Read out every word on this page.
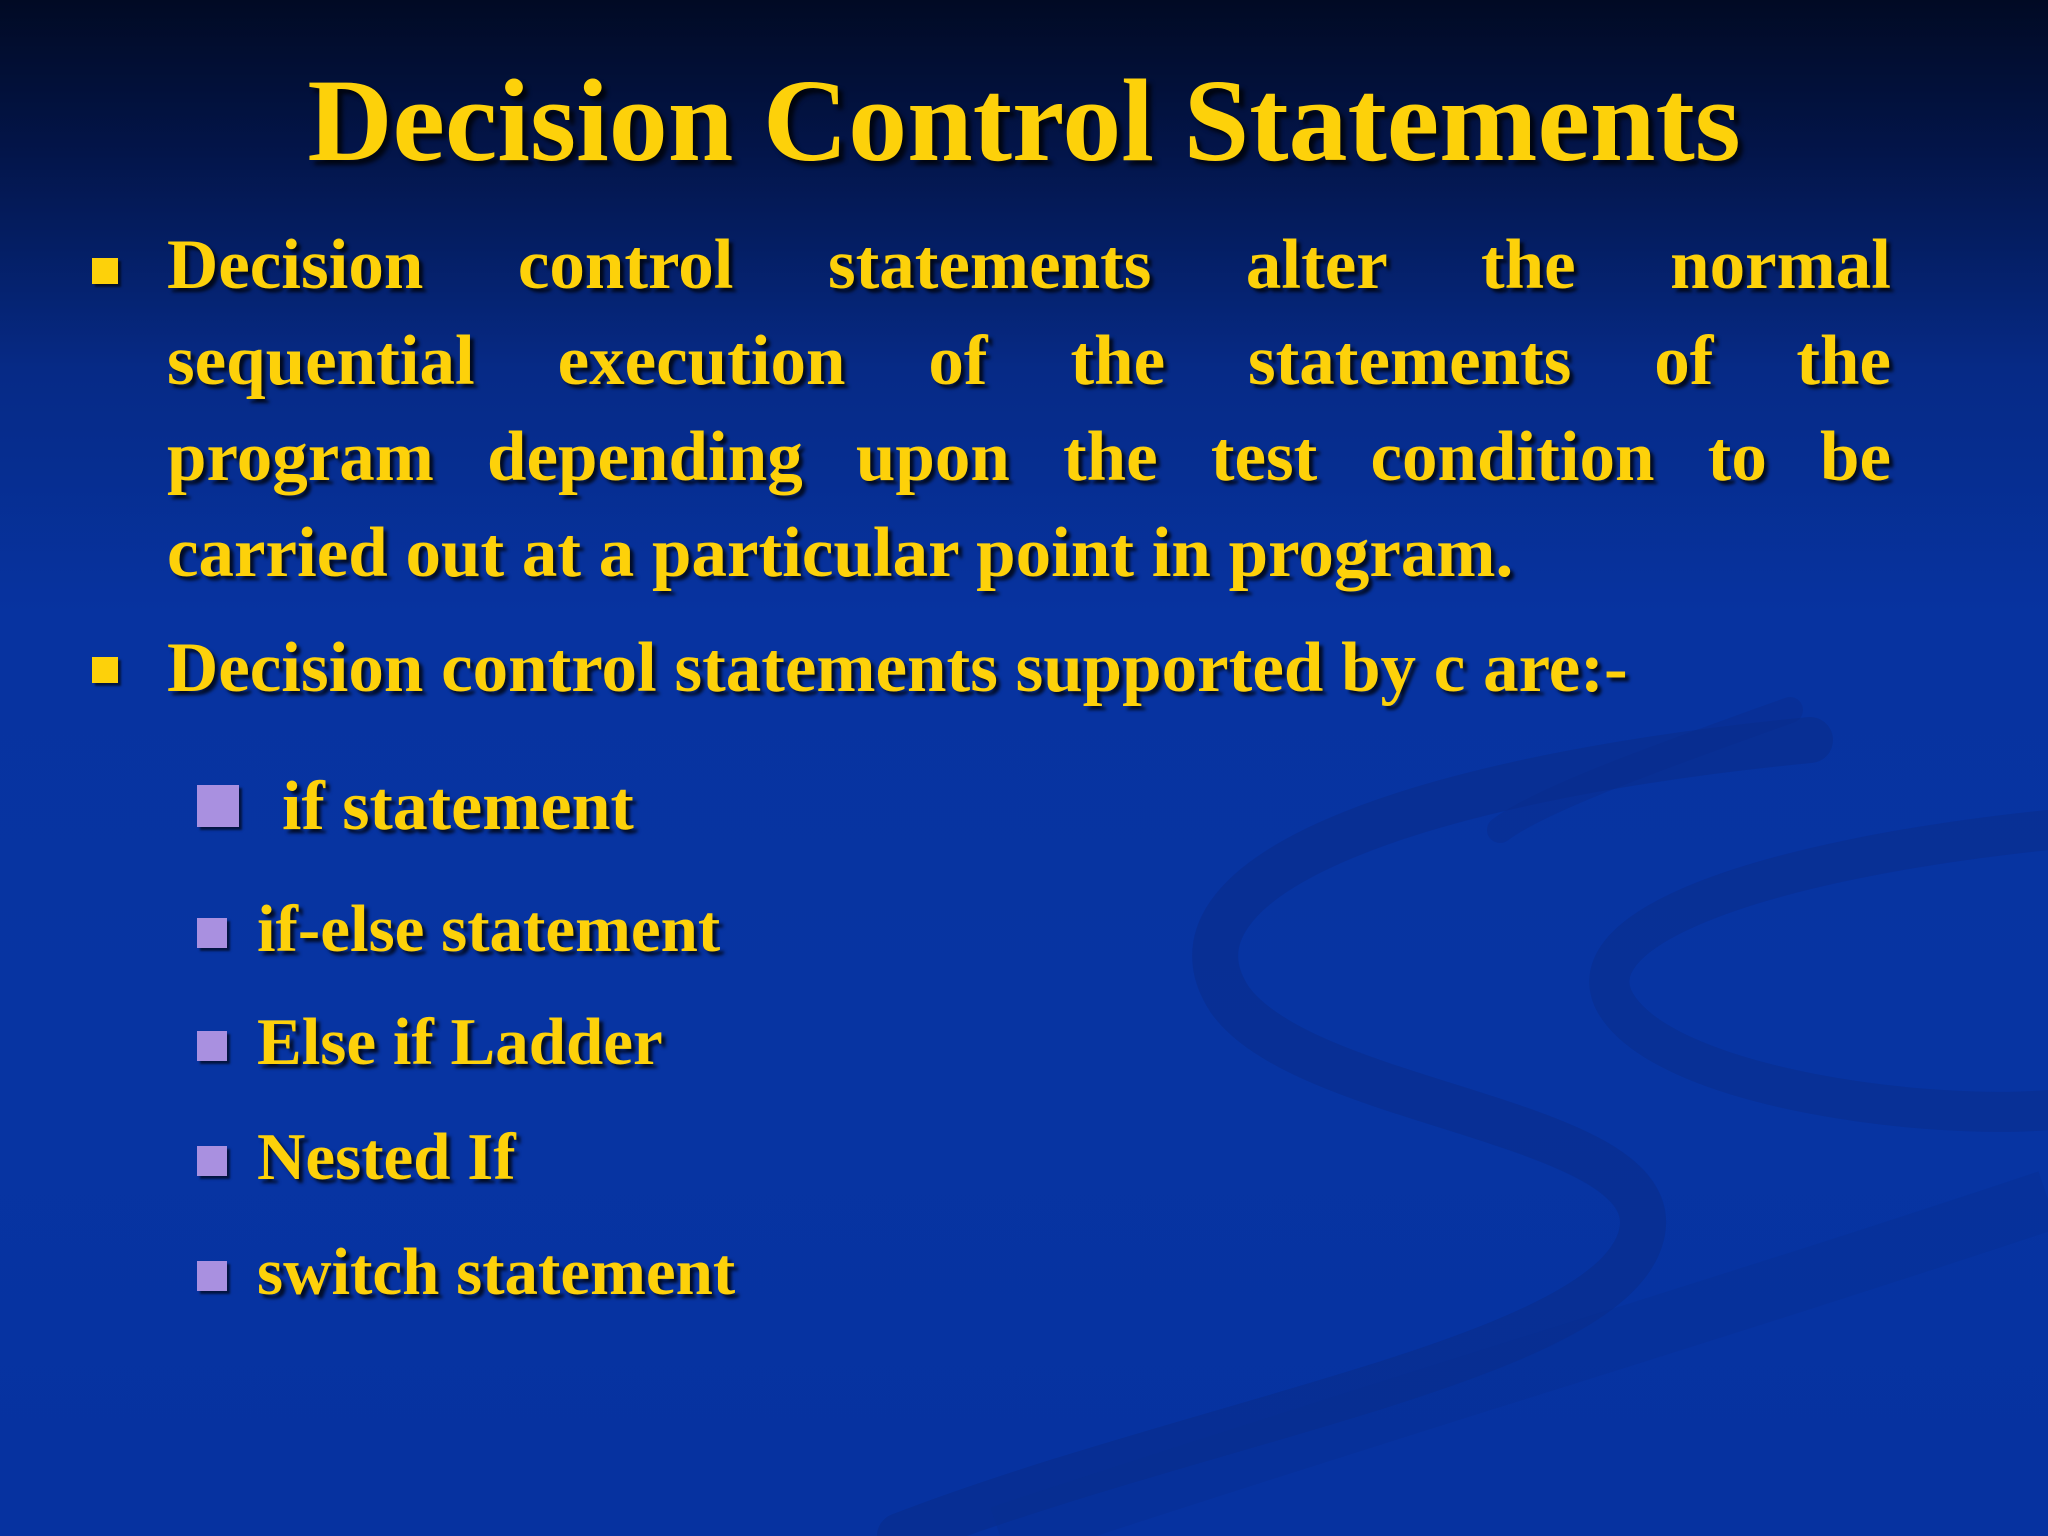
Decision Control Statements
Decision control statements alter the normal
sequential execution of the statements of the
program depending upon the test condition to be
carried out at a particular point in program.
Decision control statements supported by c are:-
if statement
if-else statement
Else if Ladder
Nested If
switch statement
